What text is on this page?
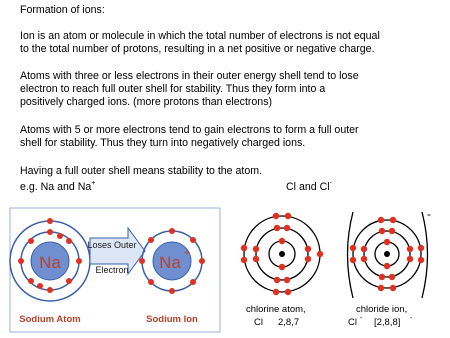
Formation of ions:
Ion is an atom or molecule in which the total number of electrons is not equal
to the total number of protons, resulting in a net positive or negative charge.
Atoms with three or less electrons in their outer energy shell tend to lose
electron to reach full outer shell for stability. Thus they form into a
positively charged ions. (more protons than electrons)
Atoms with 5 or more electrons tend to gain electrons to form a full outer
shell for stability. Thus they turn into negatively charged ions.
Having a full outer shell means stability to the atom.
e.g. Na and Na+	Cl and Cl-
Na
Loses Outer
Electron Na +
Sodium Atom	Sodium Ion
-
chlorine atom,
Cl 2,8,7
chloride ion,
Cl - [2,8,8] -
